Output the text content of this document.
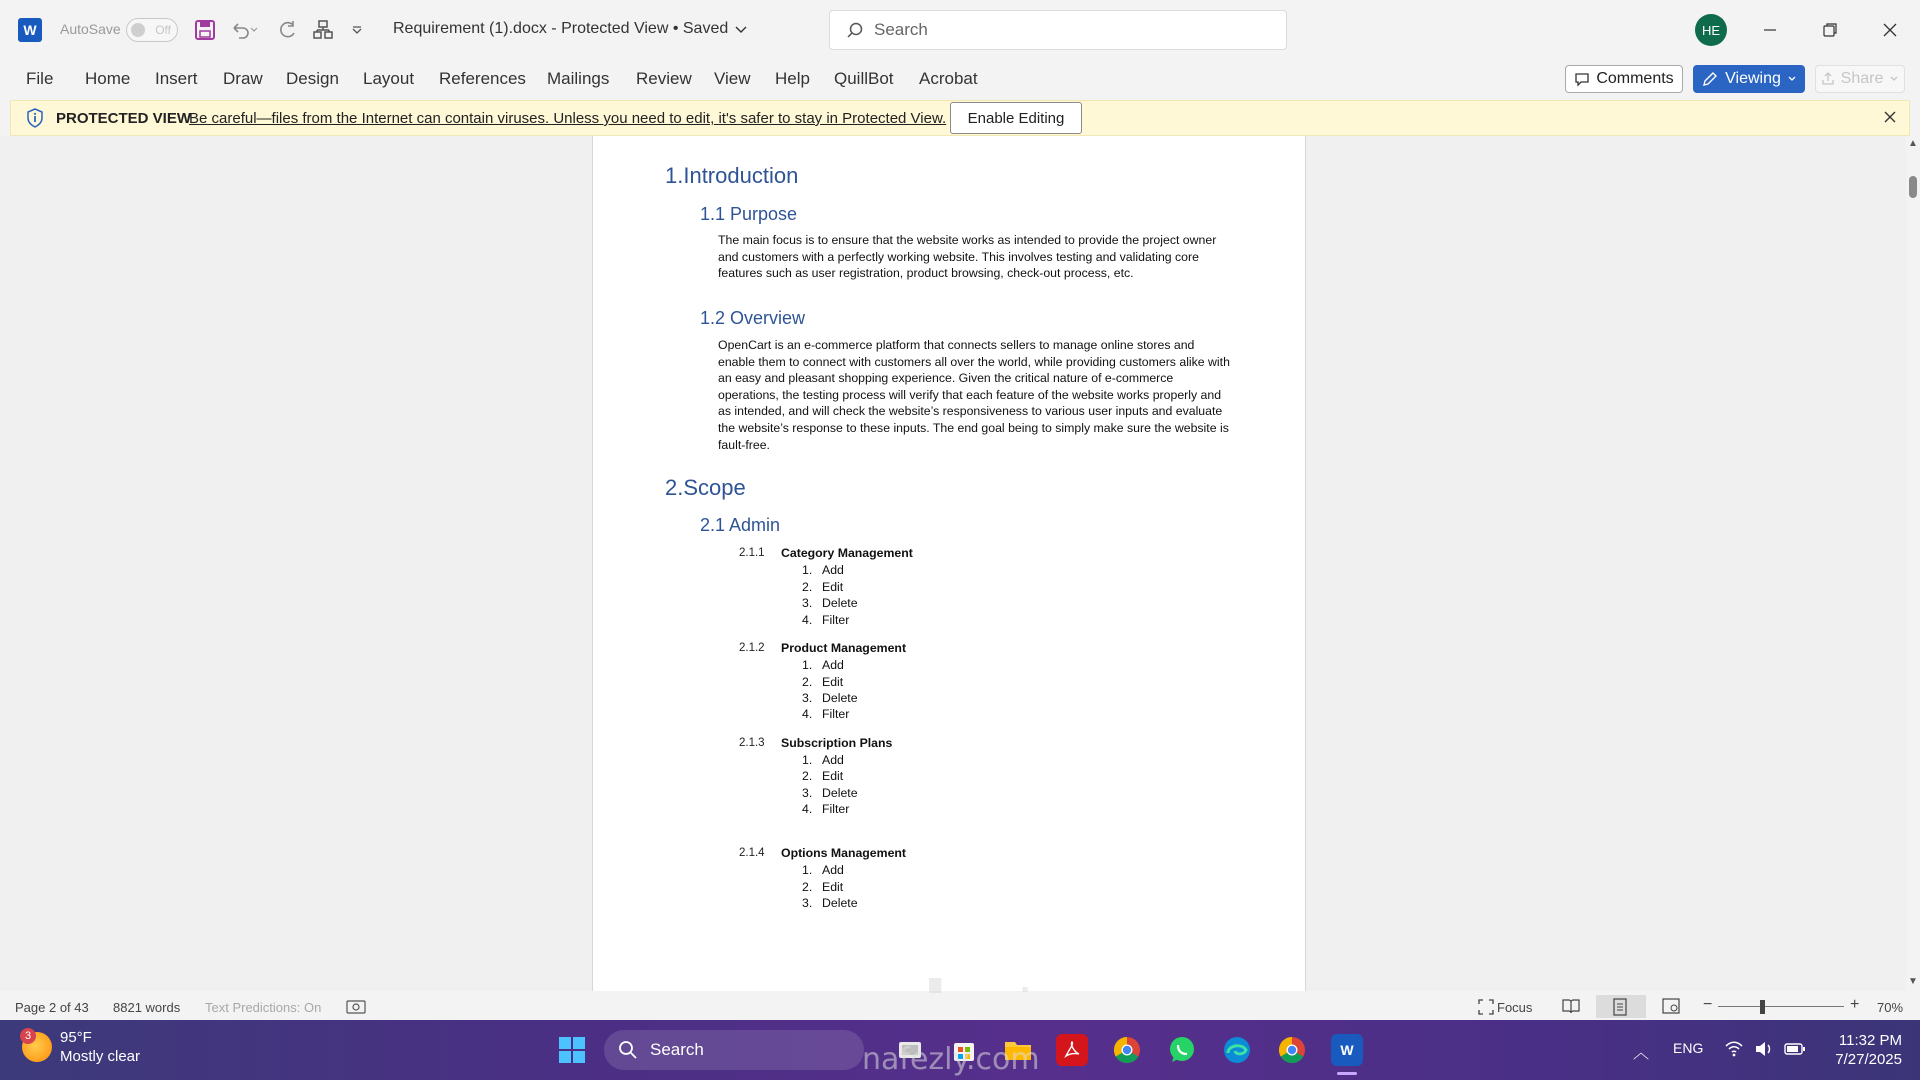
W	AutoSave	Off	Requirement (1).docx - Protected View • Saved	Search	HE
File Home Insert Draw Design Layout References Mailings Review View Help QuillBot Acrobat	Comments	Viewing	Share
PROTECTED VIEW
Be careful—files from the Internet can contain viruses. Unless you need to edit, it's safer to stay in Protected View.	Enable Editing
1.Introduction
1.1 Purpose
The main focus is to ensure that the website works as intended to provide the project owner and customers with a perfectly working website. This involves testing and validating core features such as user registration, product browsing, check-out process, etc.
1.2 Overview
OpenCart is an e-commerce platform that connects sellers to manage online stores and enable them to connect with customers all over the world, while providing customers alike with an easy and pleasant shopping experience. Given the critical nature of e-commerce operations, the testing process will verify that each feature of the website works properly and as intended, and will check the website’s responsiveness to various user inputs and evaluate the website’s response to these inputs. The end goal being to simply make sure the website is fault-free.
2.Scope
2.1 Admin
2.1.1 Category Management
1. Add
2. Edit
3. Delete
4. Filter
2.1.2 Product Management
1. Add
2. Edit
3. Delete
4. Filter
2.1.3 Subscription Plans
1. Add
2. Edit
3. Delete
4. Filter
2.1.4 Options Management
1. Add
2. Edit
3. Delete
▲
▼
Page 2 of 43 8821 words Text Predictions: On	Focus	−	+ 70%
3	95°F
Mostly clear	Search	W	︿ ENG	11:32 PM
7/27/2025
nafezly.com
